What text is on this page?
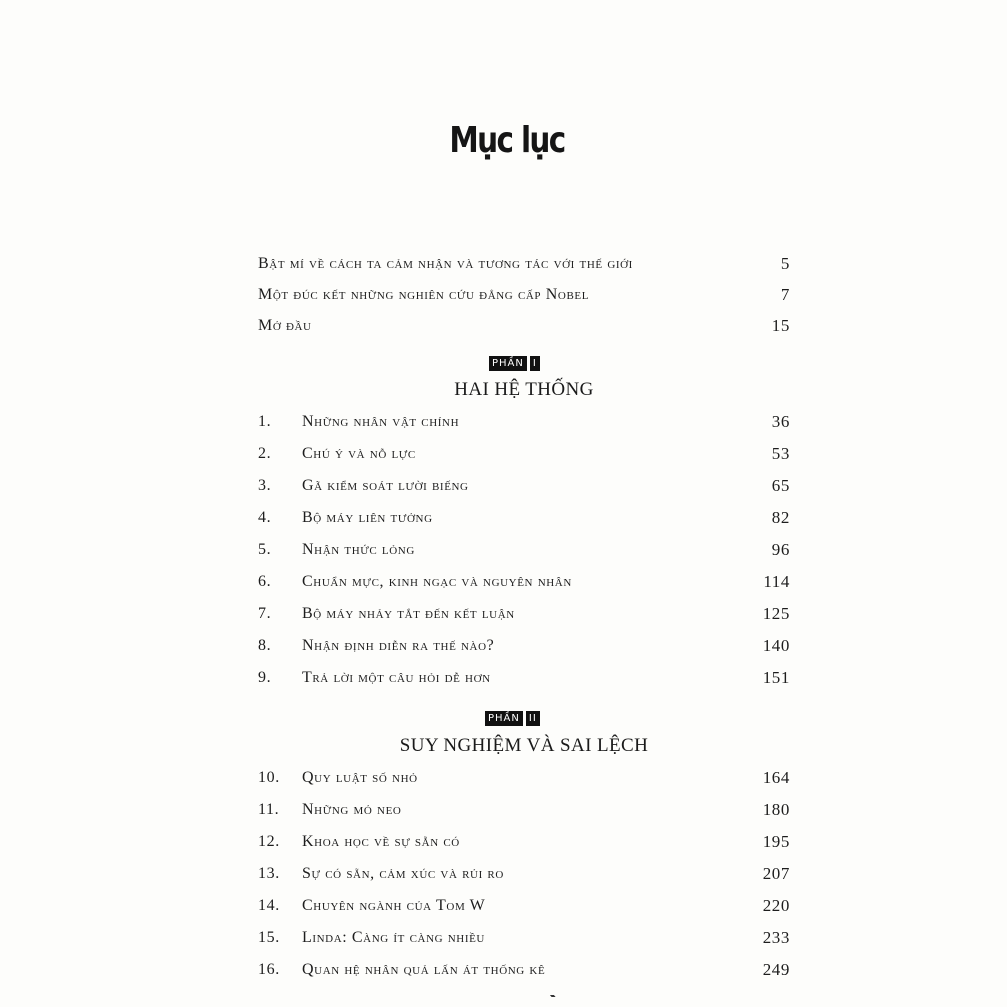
Mục lục
Bật mí về cách ta cảm nhận và tương tác với thế giới	5
Một đúc kết những nghiên cứu đẳng cấp Nobel	7
Mở đầu	15
PHẦN I
HAI HỆ THỐNG
1. Những nhân vật chính	36
2. Chú ý và nỗ lực	53
3. Gã kiểm soát lười biếng	65
4. Bộ máy liên tưởng	82
5. Nhận thức lỏng	96
6. Chuẩn mực, kinh ngạc và nguyên nhân	114
7. Bộ máy nhảy tắt đến kết luận	125
8. Nhận định diễn ra thế nào?	140
9. Trả lời một câu hỏi dễ hơn	151
PHẦN II
SUY NGHIỆM VÀ SAI LỆCH
10. Quy luật số nhỏ	164
11. Những mỏ neo	180
12. Khoa học về sự sẵn có	195
13. Sự có sẵn, cảm xúc và rủi ro	207
14. Chuyên ngành của Tom W	220
15. Linda: Càng ít càng nhiều	233
16. Quan hệ nhân quả lấn át thống kê	249
